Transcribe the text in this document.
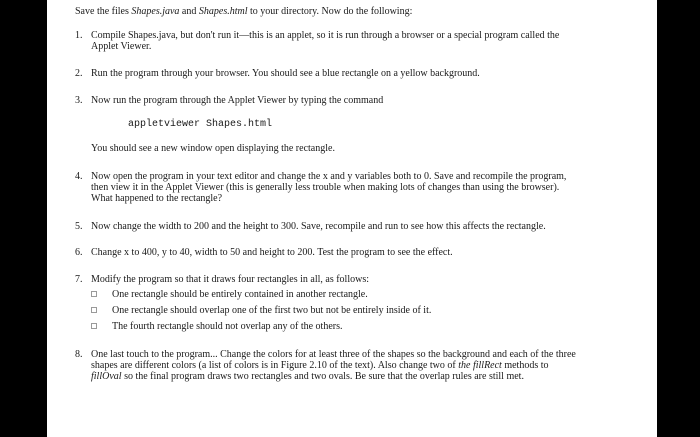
Save the files Shapes.java and Shapes.html to your directory. Now do the following:
1. Compile Shapes.java, but don't run it—this is an applet, so it is run through a browser or a special program called the
Applet Viewer.
2. Run the program through your browser. You should see a blue rectangle on a yellow background.
3. Now run the program through the Applet Viewer by typing the command
appletviewer Shapes.html
You should see a new window open displaying the rectangle.
4. Now open the program in your text editor and change the x and y variables both to 0. Save and recompile the program,
then view it in the Applet Viewer (this is generally less trouble when making lots of changes than using the browser).
What happened to the rectangle?
5. Now change the width to 200 and the height to 300. Save, recompile and run to see how this affects the rectangle.
6. Change x to 400, y to 40, width to 50 and height to 200. Test the program to see the effect.
7. Modify the program so that it draws four rectangles in all, as follows:
One rectangle should be entirely contained in another rectangle.
One rectangle should overlap one of the first two but not be entirely inside of it.
The fourth rectangle should not overlap any of the others.
8. One last touch to the program... Change the colors for at least three of the shapes so the background and each of the three
shapes are different colors (a list of colors is in Figure 2.10 of the text). Also change two of the fillRect methods to
fillOval so the final program draws two rectangles and two ovals. Be sure that the overlap rules are still met.
